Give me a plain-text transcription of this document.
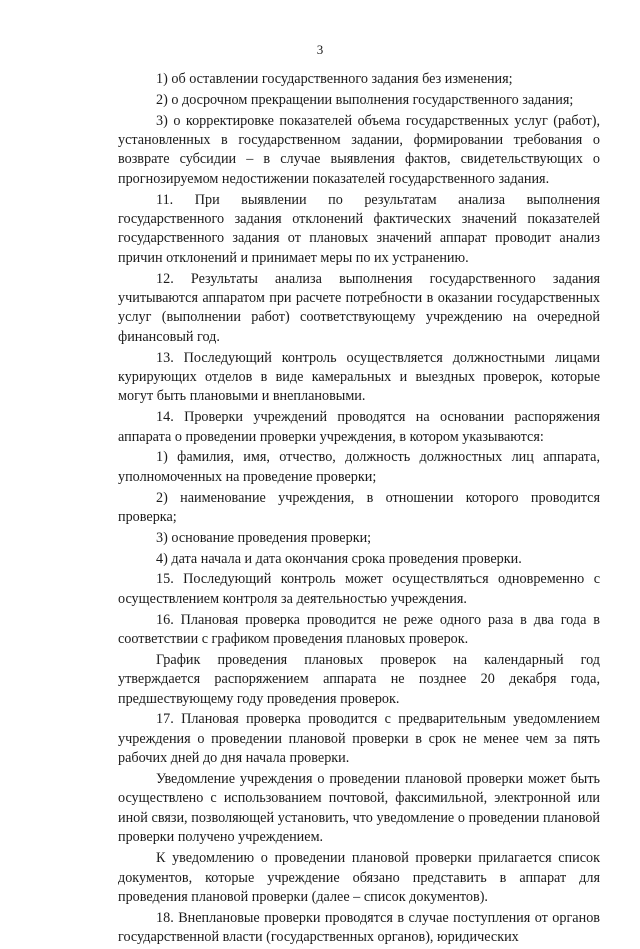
3

1) об оставлении государственного задания без изменения;

2) о досрочном прекращении выполнения государственного задания;

3) о корректировке показателей объема государственных услуг (работ), установленных в государственном задании, формировании требования о возврате субсидии – в случае выявления фактов, свидетельствующих о прогнозируемом недостижении показателей государственного задания.

11. При выявлении по результатам анализа выполнения государственного задания отклонений фактических значений показателей государственного задания от плановых значений аппарат проводит анализ причин отклонений и принимает меры по их устранению.

12. Результаты анализа выполнения государственного задания учитываются аппаратом при расчете потребности в оказании государственных услуг (выполнении работ) соответствующему учреждению на очередной финансовый год.

13. Последующий контроль осуществляется должностными лицами курирующих отделов в виде камеральных и выездных проверок, которые могут быть плановыми и внеплановыми.

14. Проверки учреждений проводятся на основании распоряжения аппарата о проведении проверки учреждения, в котором указываются:

1) фамилия, имя, отчество, должность должностных лиц аппарата, уполномоченных на проведение проверки;

2) наименование учреждения, в отношении которого проводится проверка;

3) основание проведения проверки;

4) дата начала и дата окончания срока проведения проверки.

15. Последующий контроль может осуществляться одновременно с осуществлением контроля за деятельностью учреждения.

16. Плановая проверка проводится не реже одного раза в два года в соответствии с графиком проведения плановых проверок.

График проведения плановых проверок на календарный год утверждается распоряжением аппарата не позднее 20 декабря года, предшествующему году проведения проверок.

17. Плановая проверка проводится с предварительным уведомлением учреждения о проведении плановой проверки в срок не менее чем за пять рабочих дней до дня начала проверки.

Уведомление учреждения о проведении плановой проверки может быть осуществлено с использованием почтовой, факсимильной, электронной или иной связи, позволяющей установить, что уведомление о проведении плановой проверки получено учреждением.

К уведомлению о проведении плановой проверки прилагается список документов, которые учреждение обязано представить в аппарат для проведения плановой проверки (далее – список документов).

18. Внеплановые проверки проводятся в случае поступления от органов государственной власти (государственных органов), юридических
